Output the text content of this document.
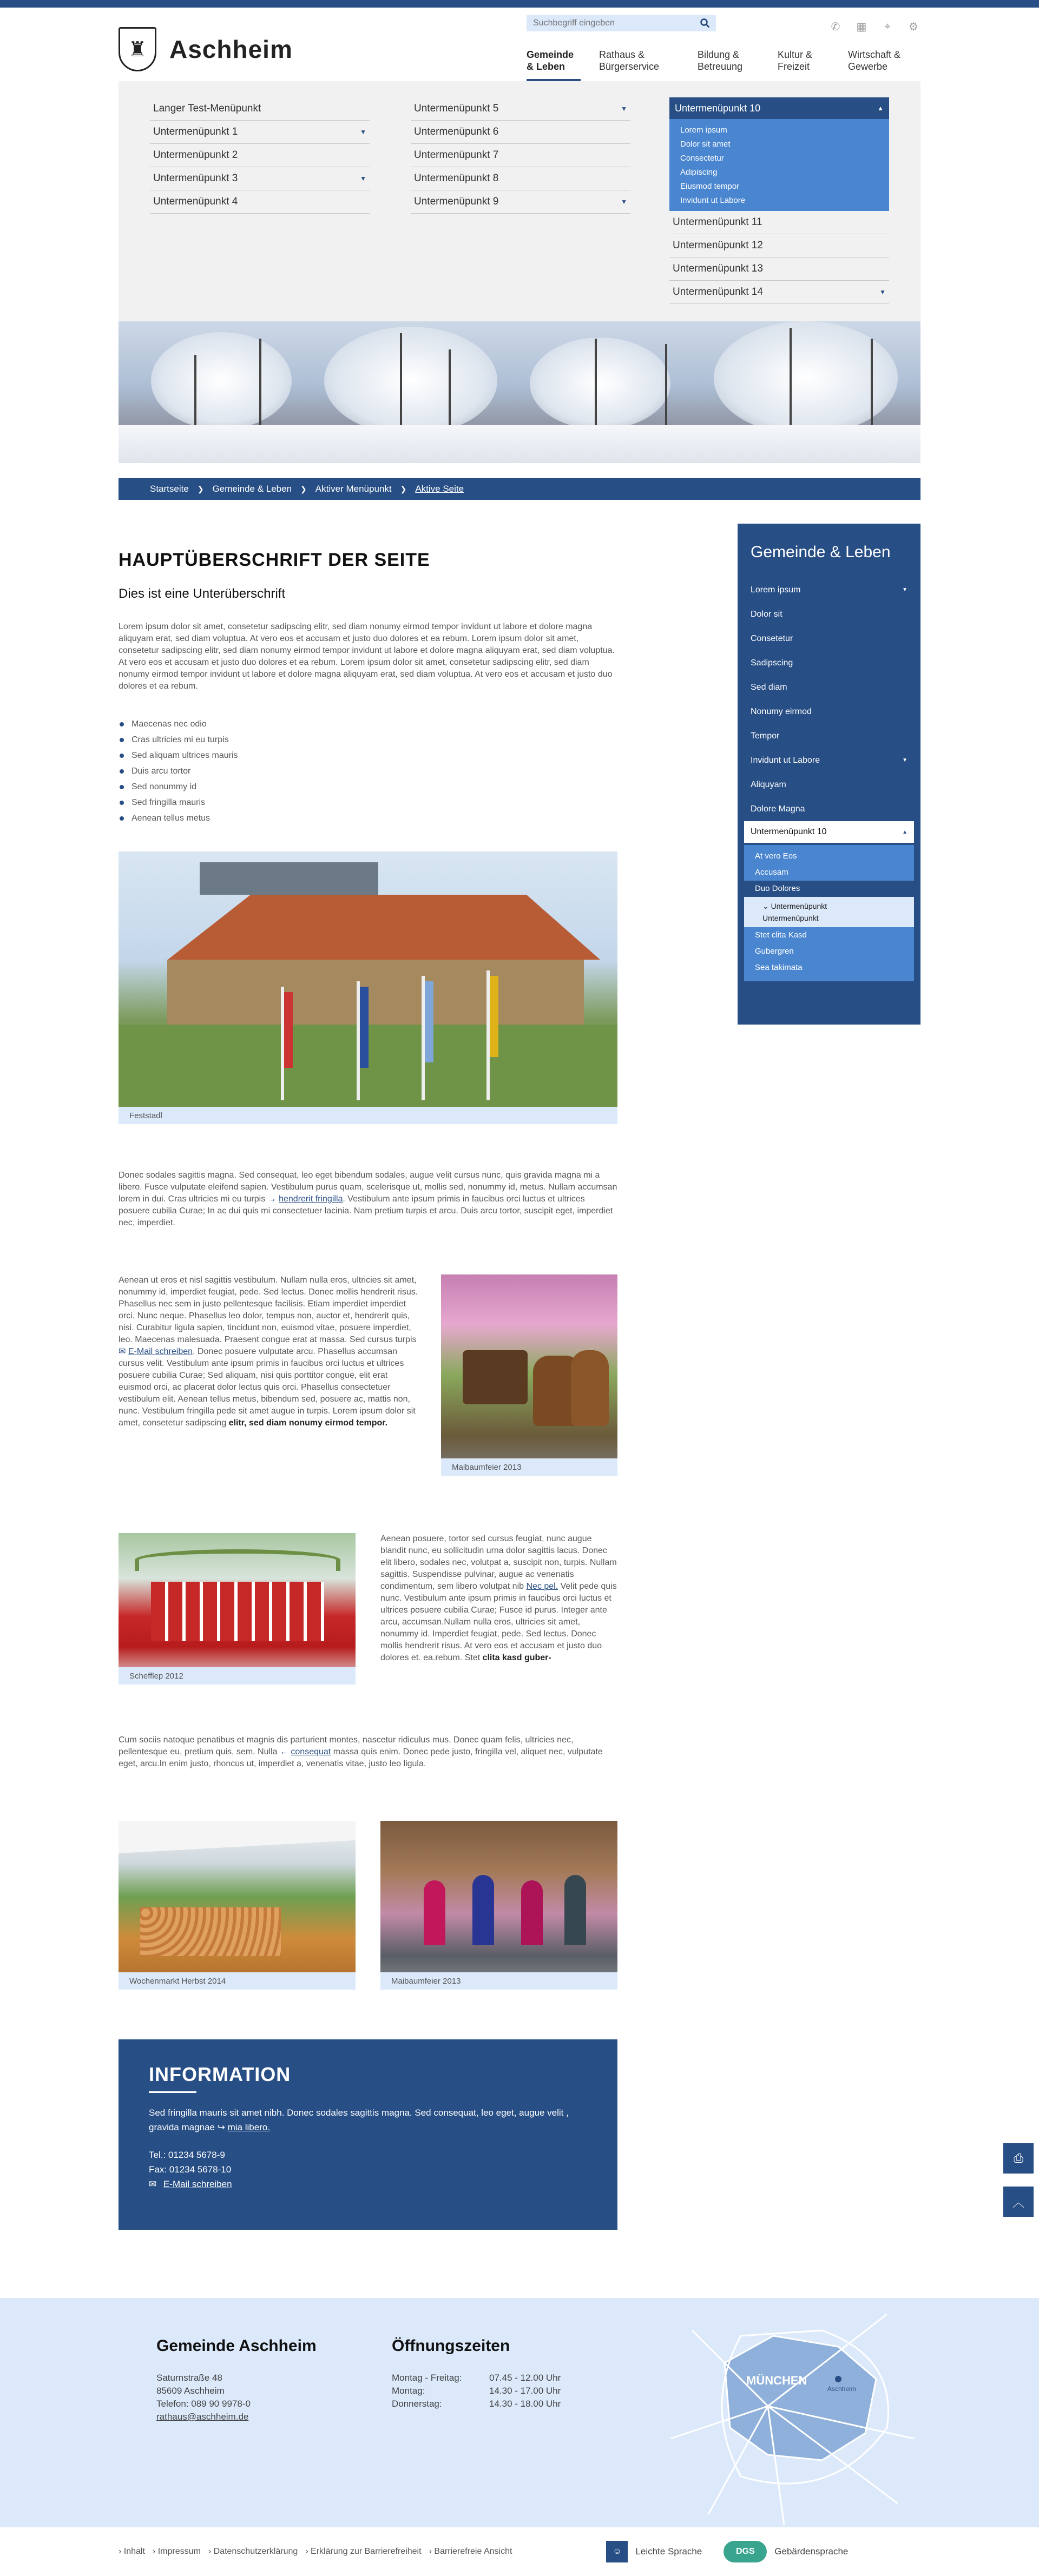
♜ Aschheim
Suchbegriff eingeben
✆ ▦	⌖	⚙
Gemeinde & Leben
Rathaus & Bürgerservice
Bildung & Betreuung
Kultur & Freizeit
Wirtschaft & Gewerbe
Langer Test-Menüpunkt
Untermenüpunkt 1	▼
Untermenüpunkt 2
Untermenüpunkt 3	▼
Untermenüpunkt 4
Untermenüpunkt 5	▼
Untermenüpunkt 6
Untermenüpunkt 7
Untermenüpunkt 8
Untermenüpunkt 9	▼
Untermenüpunkt 10	▲
Lorem ipsum
Dolor sit amet
Consectetur
Adipiscing
Eiusmod tempor
Invidunt ut Labore
Untermenüpunkt 11
Untermenüpunkt 12
Untermenüpunkt 13
Untermenüpunkt 14	▼
Startseite ❯ Gemeinde & Leben ❯ Aktiver Menüpunkt ❯ Aktive Seite
HAUPTÜBERSCHRIFT DER SEITE
Dies ist eine Unterüberschrift
Lorem ipsum dolor sit amet, consetetur sadipscing elitr, sed diam nonumy eirmod tempor invidunt ut labore et dolore magna aliquyam erat, sed diam voluptua. At vero eos et accusam et justo duo dolores et ea rebum. Lorem ipsum dolor sit amet, consetetur sadipscing elitr, sed diam nonumy eirmod tempor invidunt ut labore et dolore magna aliquyam erat, sed diam voluptua. At vero eos et accusam et justo duo dolores et ea rebum. Lorem ipsum dolor sit amet, consetetur sadipscing elitr, sed diam nonumy eirmod tempor invidunt ut labore et dolore magna aliquyam erat, sed diam voluptua. At vero eos et accusam et justo duo dolores et ea rebum.
Maecenas nec odio
Cras ultricies mi eu turpis
Sed aliquam ultrices mauris
Duis arcu tortor
Sed nonummy id
Sed fringilla mauris
Aenean tellus metus
Feststadl
Donec sodales sagittis magna. Sed consequat, leo eget bibendum sodales, augue velit cursus nunc, quis gravida magna mi a libero. Fusce vulputate eleifend sapien. Vestibulum purus quam, scelerisque ut, mollis sed, nonummy id, metus. Nullam accumsan lorem in dui. Cras ultricies mi eu turpis → hendrerit fringilla. Vestibulum ante ipsum primis in faucibus orci luctus et ultrices posuere cubilia Curae; In ac dui quis mi consectetuer lacinia. Nam pretium turpis et arcu. Duis arcu tortor, suscipit eget, imperdiet nec, imperdiet.
Aenean ut eros et nisl sagittis vestibulum. Nullam nulla eros, ultricies sit amet, nonummy id, imperdiet feugiat, pede. Sed lectus. Donec mollis hendrerit risus. Phasellus nec sem in justo pellentesque facilisis. Etiam imperdiet imperdiet orci. Nunc neque. Phasellus leo dolor, tempus non, auctor et, hendrerit quis, nisi. Curabitur ligula sapien, tincidunt non, euismod vitae, posuere imperdiet, leo. Maecenas malesuada. Praesent congue erat at massa. Sed cursus turpis ✉ E-Mail schreiben. Donec posuere vulputate arcu. Phasellus accumsan cursus velit. Vestibulum ante ipsum primis in faucibus orci luctus et ultrices posuere cubilia Curae; Sed aliquam, nisi quis porttitor congue, elit erat euismod orci, ac placerat dolor lectus quis orci. Phasellus consectetuer vestibulum elit. Aenean tellus metus, bibendum sed, posuere ac, mattis non, nunc. Vestibulum fringilla pede sit amet augue in turpis. Lorem ipsum dolor sit amet, consetetur sadipscing elitr, sed diam nonumy eirmod tempor.
Maibaumfeier 2013
Schefflер 2012
Aenean posuere, tortor sed cursus feugiat, nunc augue blandit nunc, eu sollicitudin urna dolor sagittis lacus. Donec elit libero, sodales nec, volutpat a, suscipit non, turpis. Nullam sagittis. Suspendisse pulvinar, augue ac venenatis condimentum, sem libero volutpat nib Nec pel. Velit pede quis nunc. Vestibulum ante ipsum primis in faucibus orci luctus et ultrices posuere cubilia Curae; Fusce id purus. Integer ante arcu, accumsan.Nullam nulla eros, ultricies sit amet, nonummy id. Imperdiet feugiat, pede. Sed lectus. Donec mollis hendrerit risus. At vero eos et accusam et justo duo dolores et. ea.rebum. Stet clita kasd guber-
Cum sociis natoque penatibus et magnis dis parturient montes, nascetur ridiculus mus. Donec quam felis, ultricies nec, pellentesque eu, pretium quis, sem. Nulla ← consequat massa quis enim. Donec pede justo, fringilla vel, aliquet nec, vulputate eget, arcu.In enim justo, rhoncus ut, imperdiet a, venenatis vitae, justo leo ligula.
Wochenmarkt Herbst 2014	Maibaumfeier 2013
INFORMATION
Sed fringilla mauris sit amet nibh. Donec sodales sagittis magna. Sed consequat, leo eget, augue velit , gravida magnae ↪ mia libero.
Tel.: 01234 5678-9
Fax: 01234 5678-10
✉ E-Mail schreiben
Gemeinde & Leben
Lorem ipsum	▼
Dolor sit
Consetetur
Sadipscing
Sed diam
Nonumy eirmod
Tempor
Invidunt ut Labore	▼
Aliquyam
Dolore Magna
Untermenüpunkt 10	▲
At vero Eos
Accusam
Duo Dolores
⌄ Untermenüpunkt
Untermenüpunkt
Stet clita Kasd
Gubergren
Sea takimata
⎙
︿
Gemeinde Aschheim
Saturnstraße 48
85609 Aschheim
Telefon: 089 90 9978-0
rathaus@aschheim.de
Öffnungszeiten
Montag - Freitag:	07.45 - 12.00 Uhr
Montag:	14.30 - 17.00 Uhr
Donnerstag:	14.30 - 18.00 Uhr
MÜNCHEN
Aschheim
› Inhalt	› Impressum	› Datenschutzerklärung	› Erklärung zur Barrierefreiheit	› Barrierefreie Ansicht	☺	Leichte Sprache	DGS	Gebärdensprache
